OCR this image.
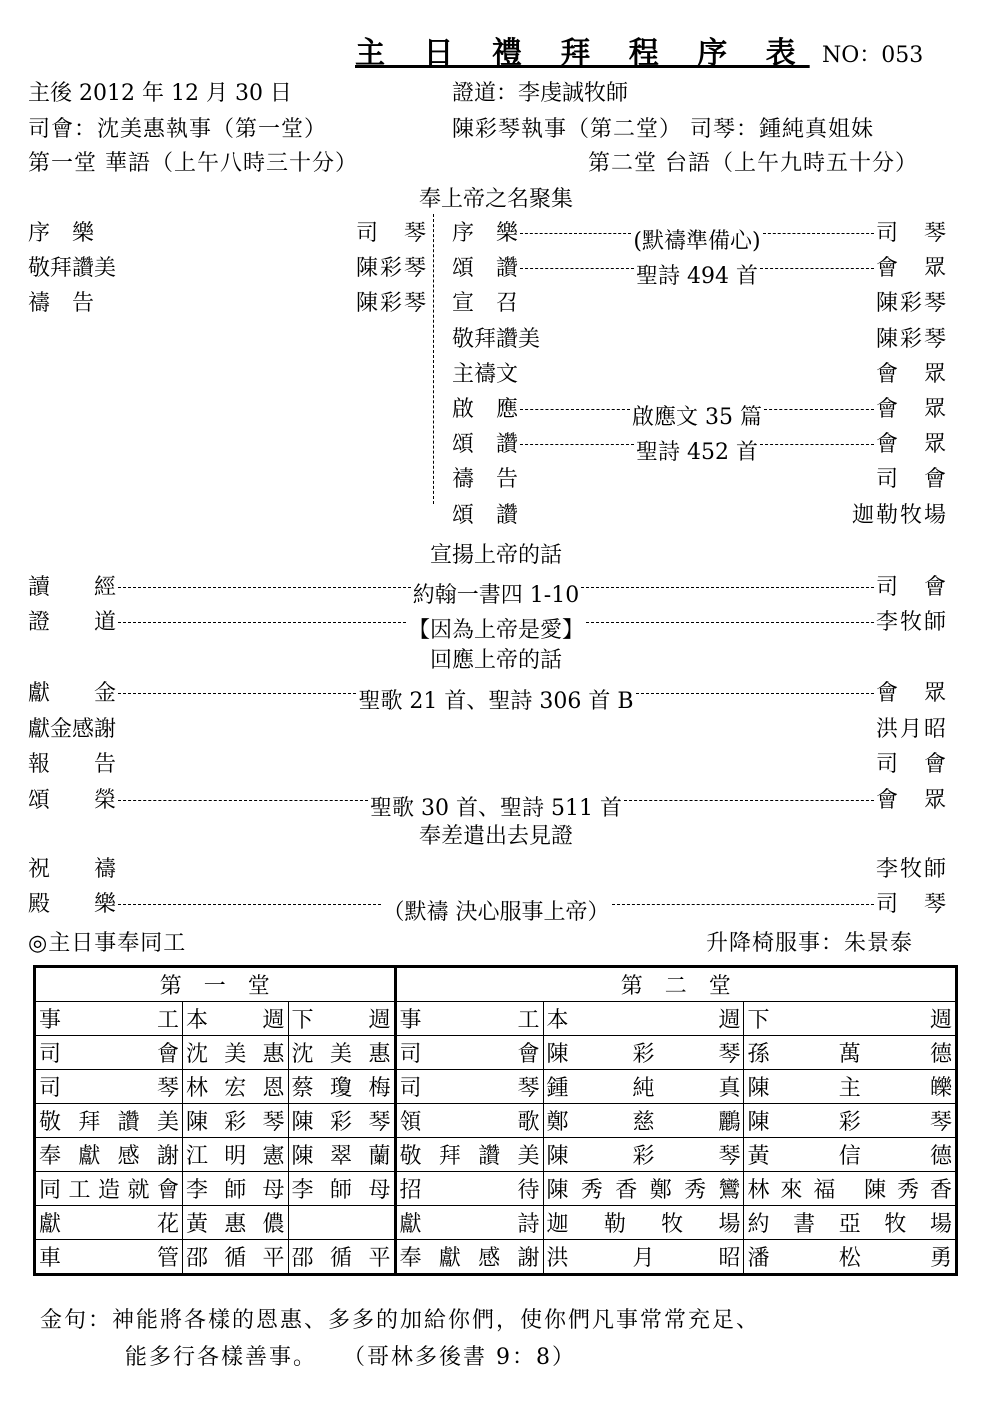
主 日 禮 拜 程 序 表 NO：053
主後 2012 年 12 月 30 日	證道：李虔誠牧師
司會：沈美惠執事（第一堂）	陳彩琴執事（第二堂） 司琴：鍾純真姐妹
第一堂 華語（上午八時三十分）	第二堂 台語（上午九時五十分）
奉上帝之名聚集
序　樂	司　琴
敬拜讚美	陳彩琴
禱　告	陳彩琴
序　樂	(默禱準備心)	司　琴
頌　讚	聖詩 494 首	會　眾
宣　召	陳彩琴
敬拜讚美	陳彩琴
主禱文	會　眾
啟　應	啟應文 35 篇	會　眾
頌　讚	聖詩 452 首	會　眾
禱　告	司　會
頌　讚	迦勒牧場
宣揚上帝的話
讀　　經	約翰一書四 1-10	司　會
證　　道	【因為上帝是愛】	李牧師
回應上帝的話
獻　　金	聖歌 21 首、聖詩 306 首 B	會　眾
獻金感謝	洪月昭
報　　告	司　會
頌　　榮	聖歌 30 首、聖詩 511 首	會　眾
奉差遣出去見證
祝　　禱	李牧師
殿　　樂	（默禱 決心服事上帝）	司　琴
◎主日事奉同工	升降椅服事：朱景泰
第　一　堂			第　二　堂		
事工	本週	下週	事工	本週	下週
司會	沈美惠	沈美惠	司會	陳彩琴	孫萬德
司琴	林宏恩	蔡瓊梅	司琴	鍾純真	陳主皪
敬拜讚美	陳彩琴	陳彩琴	領歌	鄭慈鸝	陳彩琴
奉獻感謝	江明憲	陳翠蘭	敬拜讚美	陳彩琴	黃信德
同工造就會	李師母	李師母	招待	陳秀香鄭秀鸞	林來福 陳秀香
獻花	黃惠儂		獻詩	迦勒牧場	約書亞牧場
車管	邵循平	邵循平	奉獻感謝	洪月昭	潘松勇
金句：神能將各樣的恩惠、多多的加給你們，使你們凡事常常充足、
能多行各樣善事。　　（哥林多後書 9：8）
